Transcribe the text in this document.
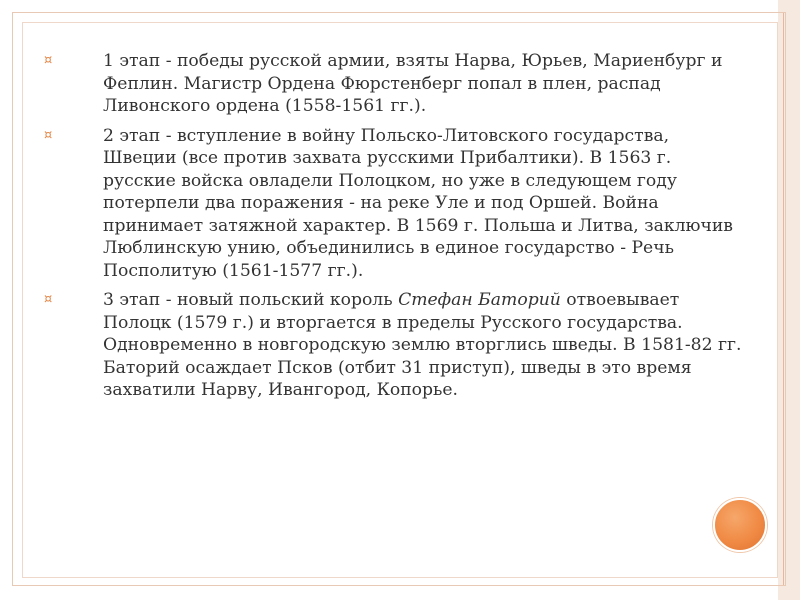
¤	1 этап - победы русской армии, взяты Нарва, Юрьев, Мариенбург и Феплин. Магистр Ордена Фюрстенберг попал в плен, распад Ливонского ордена (1558-1561 гг.).

¤	2 этап - вступление в войну Польско-Литовского государства, Швеции (все против захвата русскими Прибалтики). В 1563 г. русские войска овладели Полоцком, но уже в следующем году потерпели два поражения - на реке Уле и под Оршей. Война принимает затяжной характер. В 1569 г. Польша и Литва, заключив Люблинскую унию, объединились в единое государство - Речь Посполитую (1561-1577 гг.).

¤	3 этап - новый польский король Стефан Баторий отвоевывает Полоцк (1579 г.) и вторгается в пределы Русского государства. Одновременно в новгородскую землю вторглись шведы. В 1581-82 гг. Баторий осаждает Псков (отбит 31 приступ), шведы в это время захватили Нарву, Ивангород, Копорье.
